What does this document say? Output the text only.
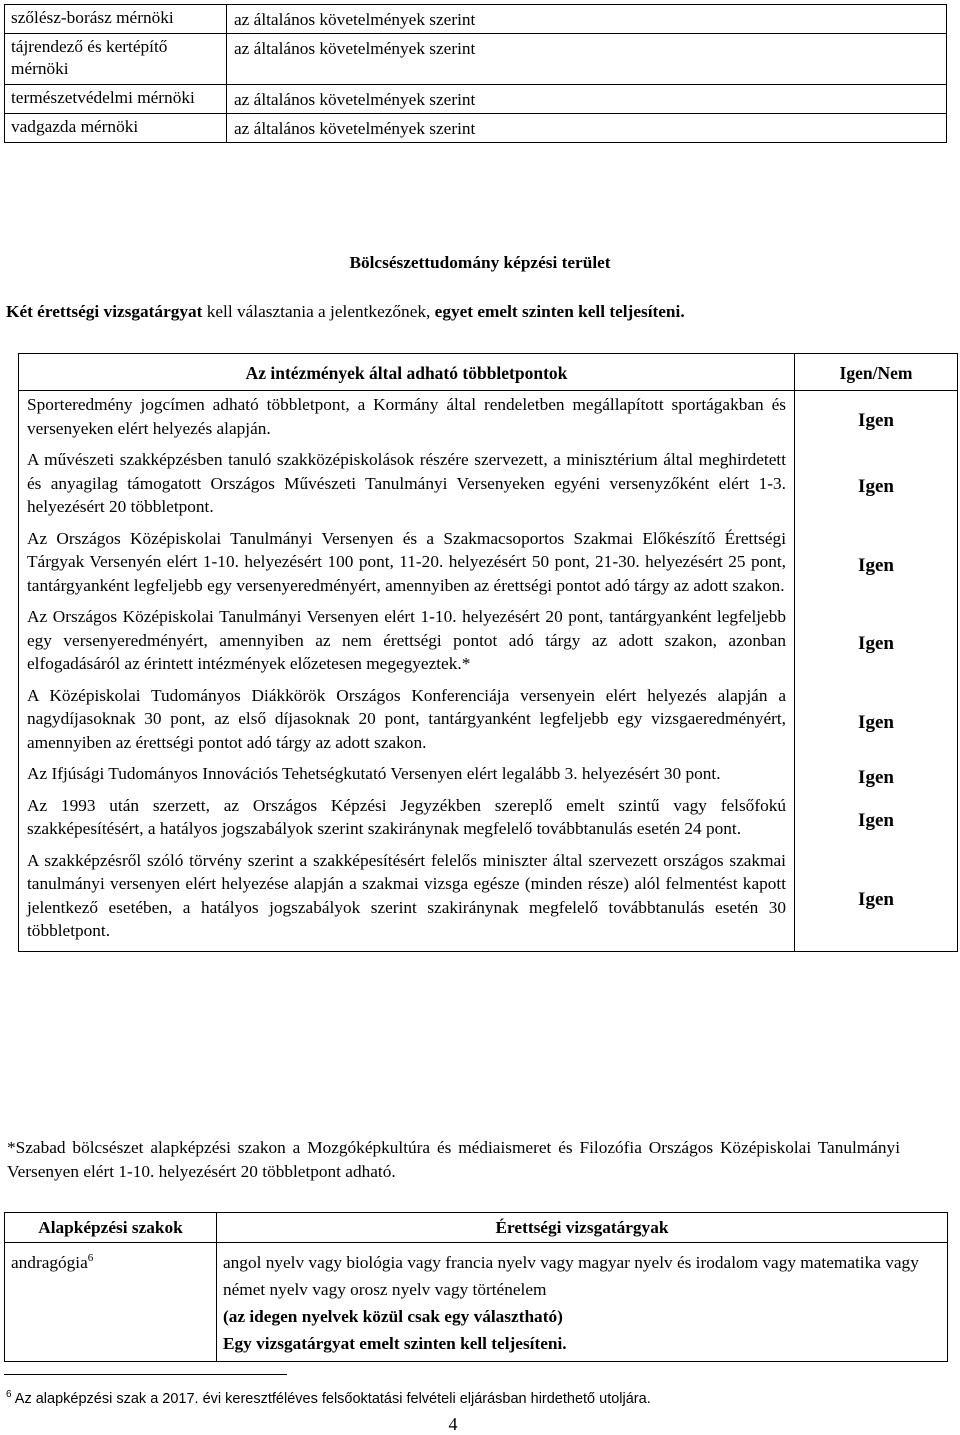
szőlész-borász mérnöki	az általános követelmények szerint
tájrendező és kertépítő mérnöki	az általános követelmények szerint
természetvédelmi mérnöki	az általános követelmények szerint
vadgazda mérnöki	az általános követelmények szerint
Bölcsészettudomány képzési terület
Két érettségi vizsgatárgyat kell választania a jelentkezőnek, egyet emelt szinten kell teljesíteni.
Az intézmények által adható többletpontok	Igen/Nem
Sporteredmény jogcímen adható többletpont, a Kormány által rendeletben megállapított sportágakban és versenyeken elért helyezés alapján.	Igen
A művészeti szakképzésben tanuló szakközépiskolások részére szervezett, a minisztérium által meghirdetett és anyagilag támogatott Országos Művészeti Tanulmányi Versenyeken egyéni versenyzőként elért 1-3. helyezésért 20 többletpont.	Igen
Az Országos Középiskolai Tanulmányi Versenyen és a Szakmacsoportos Szakmai Előkészítő Érettségi Tárgyak Versenyén elért 1-10. helyezésért 100 pont, 11-20. helyezésért 50 pont, 21-30. helyezésért 25 pont, tantárgyanként legfeljebb egy versenyeredményért, amennyiben az érettségi pontot adó tárgy az adott szakon.	Igen
Az Országos Középiskolai Tanulmányi Versenyen elért 1-10. helyezésért 20 pont, tantárgyanként legfeljebb egy versenyeredményért, amennyiben az nem érettségi pontot adó tárgy az adott szakon, azonban elfogadásáról az érintett intézmények előzetesen megegyeztek.*	Igen
A Középiskolai Tudományos Diákkörök Országos Konferenciája versenyein elért helyezés alapján a nagydíjasoknak 30 pont, az első díjasoknak 20 pont, tantárgyanként legfeljebb egy vizsgaeredményért, amennyiben az érettségi pontot adó tárgy az adott szakon.	Igen
Az Ifjúsági Tudományos Innovációs Tehetségkutató Versenyen elért legalább 3. helyezésért 30 pont.	Igen
Az 1993 után szerzett, az Országos Képzési Jegyzékben szereplő emelt szintű vagy felsőfokú szakképesítésért, a hatályos jogszabályok szerint szakiránynak megfelelő továbbtanulás esetén 24 pont.	Igen
A szakképzésről szóló törvény szerint a szakképesítésért felelős miniszter által szervezett országos szakmai tanulmányi versenyen elért helyezése alapján a szakmai vizsga egésze (minden része) alól felmentést kapott jelentkező esetében, a hatályos jogszabályok szerint szakiránynak megfelelő továbbtanulás esetén 30 többletpont.	Igen
*Szabad bölcsészet alapképzési szakon a Mozgóképkultúra és médiaismeret és Filozófia Országos Középiskolai Tanulmányi Versenyen elért 1-10. helyezésért 20 többletpont adható.
Alapképzési szakok	Érettségi vizsgatárgyak
andragógia$^6$	angol nyelv vagy biológia vagy francia nyelv vagy magyar nyelv és irodalom vagy matematika vagy német nyelv vagy orosz nyelv vagy történelem
(az idegen nyelvek közül csak egy választható)
Egy vizsgatárgyat emelt szinten kell teljesíteni.
$^6$ Az alapképzési szak a 2017. évi keresztféléves felsőoktatási felvételi eljárásban hirdethető utoljára.
4
